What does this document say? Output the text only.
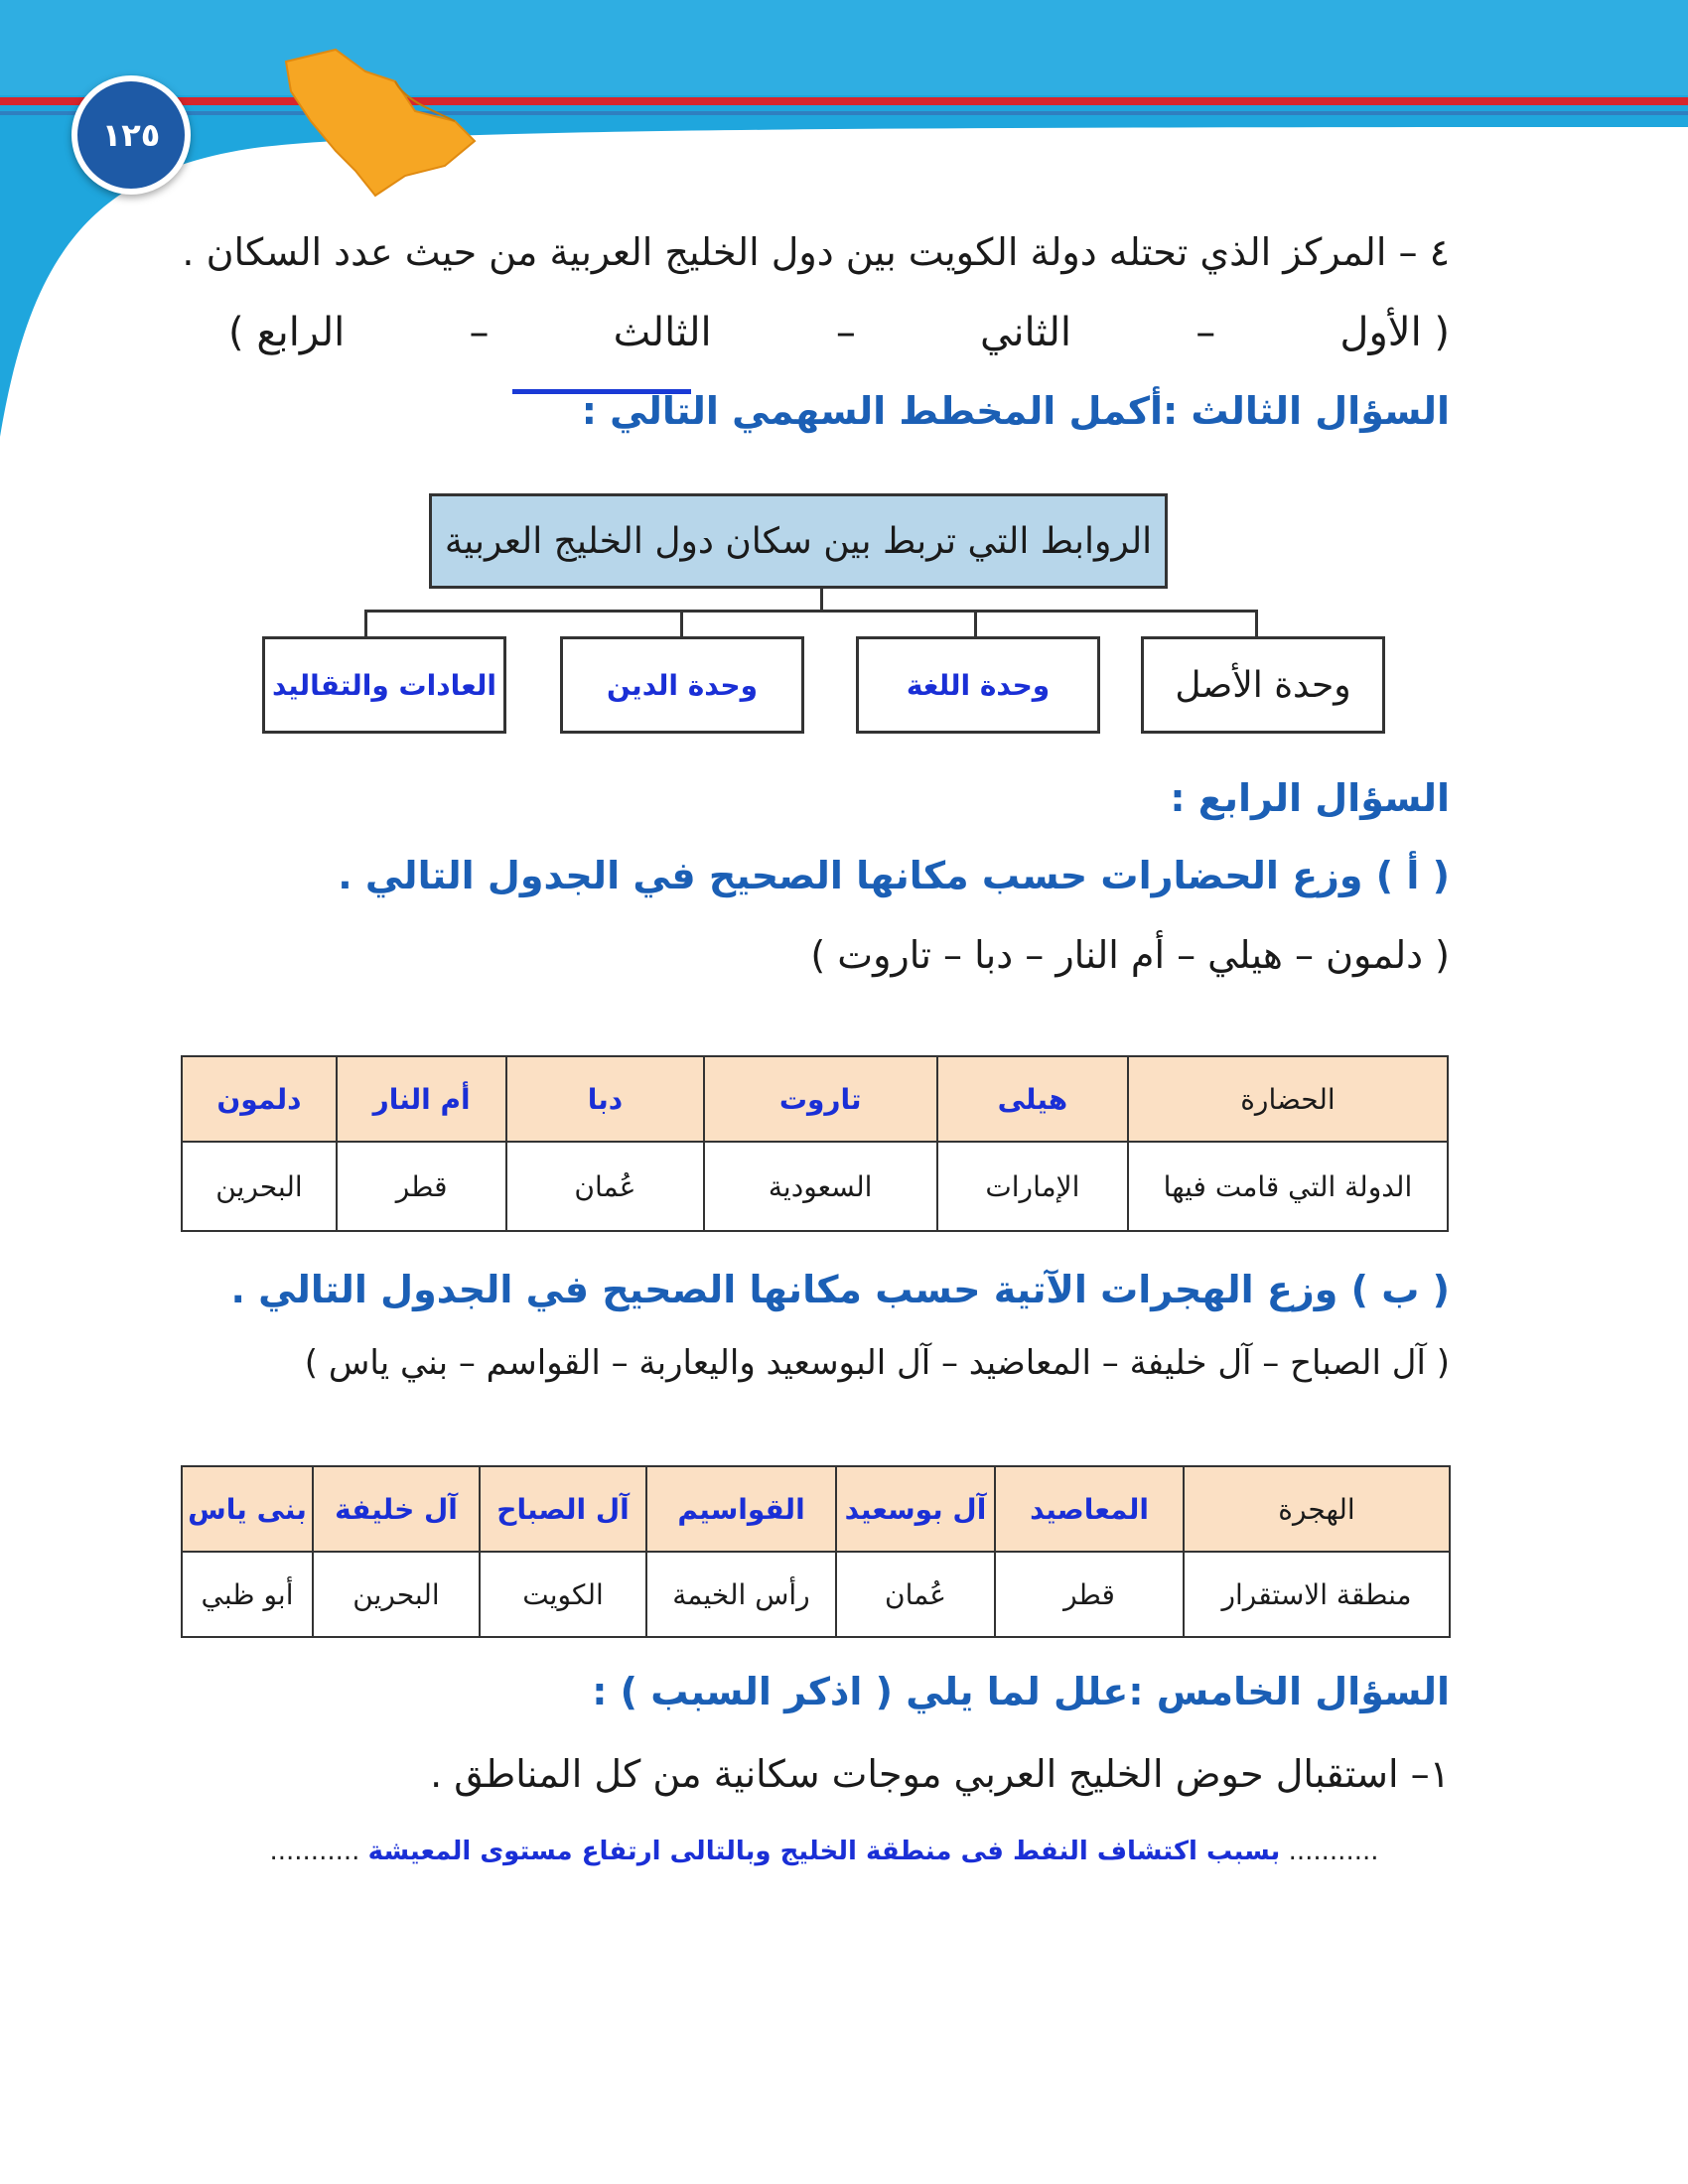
١٢٥
٤ – المركز الذي تحتله دولة الكويت بين دول الخليج العربية من حيث عدد السكان .
( الأول
–
الثاني
–
الثالث
–
الرابع )
السؤال الثالث :أكمل المخطط السهمي التالي :
الروابط التي تربط بين سكان دول الخليج العربية
وحدة الأصل
وحدة اللغة
وحدة الدين
العادات والتقاليد
السؤال الرابع :
( أ ) وزع الحضارات حسب مكانها الصحيح في الجدول التالي .
( دلمون – هيلي – أم النار – دبا – تاروت )
الحضارة	هيلى	تاروت	دبا	أم النار	دلمون
الدولة التي قامت فيها	الإمارات	السعودية	عُمان	قطر	البحرين
( ب ) وزع الهجرات الآتية حسب مكانها الصحيح في الجدول التالي .
( آل الصباح – آل خليفة – المعاضيد – آل البوسعيد واليعاربة – القواسم – بني ياس )
الهجرة	المعاصيد	آل بوسعيد	القواسيم	آل الصباح	آل خليفة	بنى ياس
منطقة الاستقرار	قطر	عُمان	رأس الخيمة	الكويت	البحرين	أبو ظبي
السؤال الخامس :علل لما يلي ( اذكر السبب ) :
١– استقبال حوض الخليج العربي موجات سكانية من كل المناطق .
........... بسبب اكتشاف النفط فى منطقة الخليج وبالتالى ارتفاع مستوى المعيشة ...........
